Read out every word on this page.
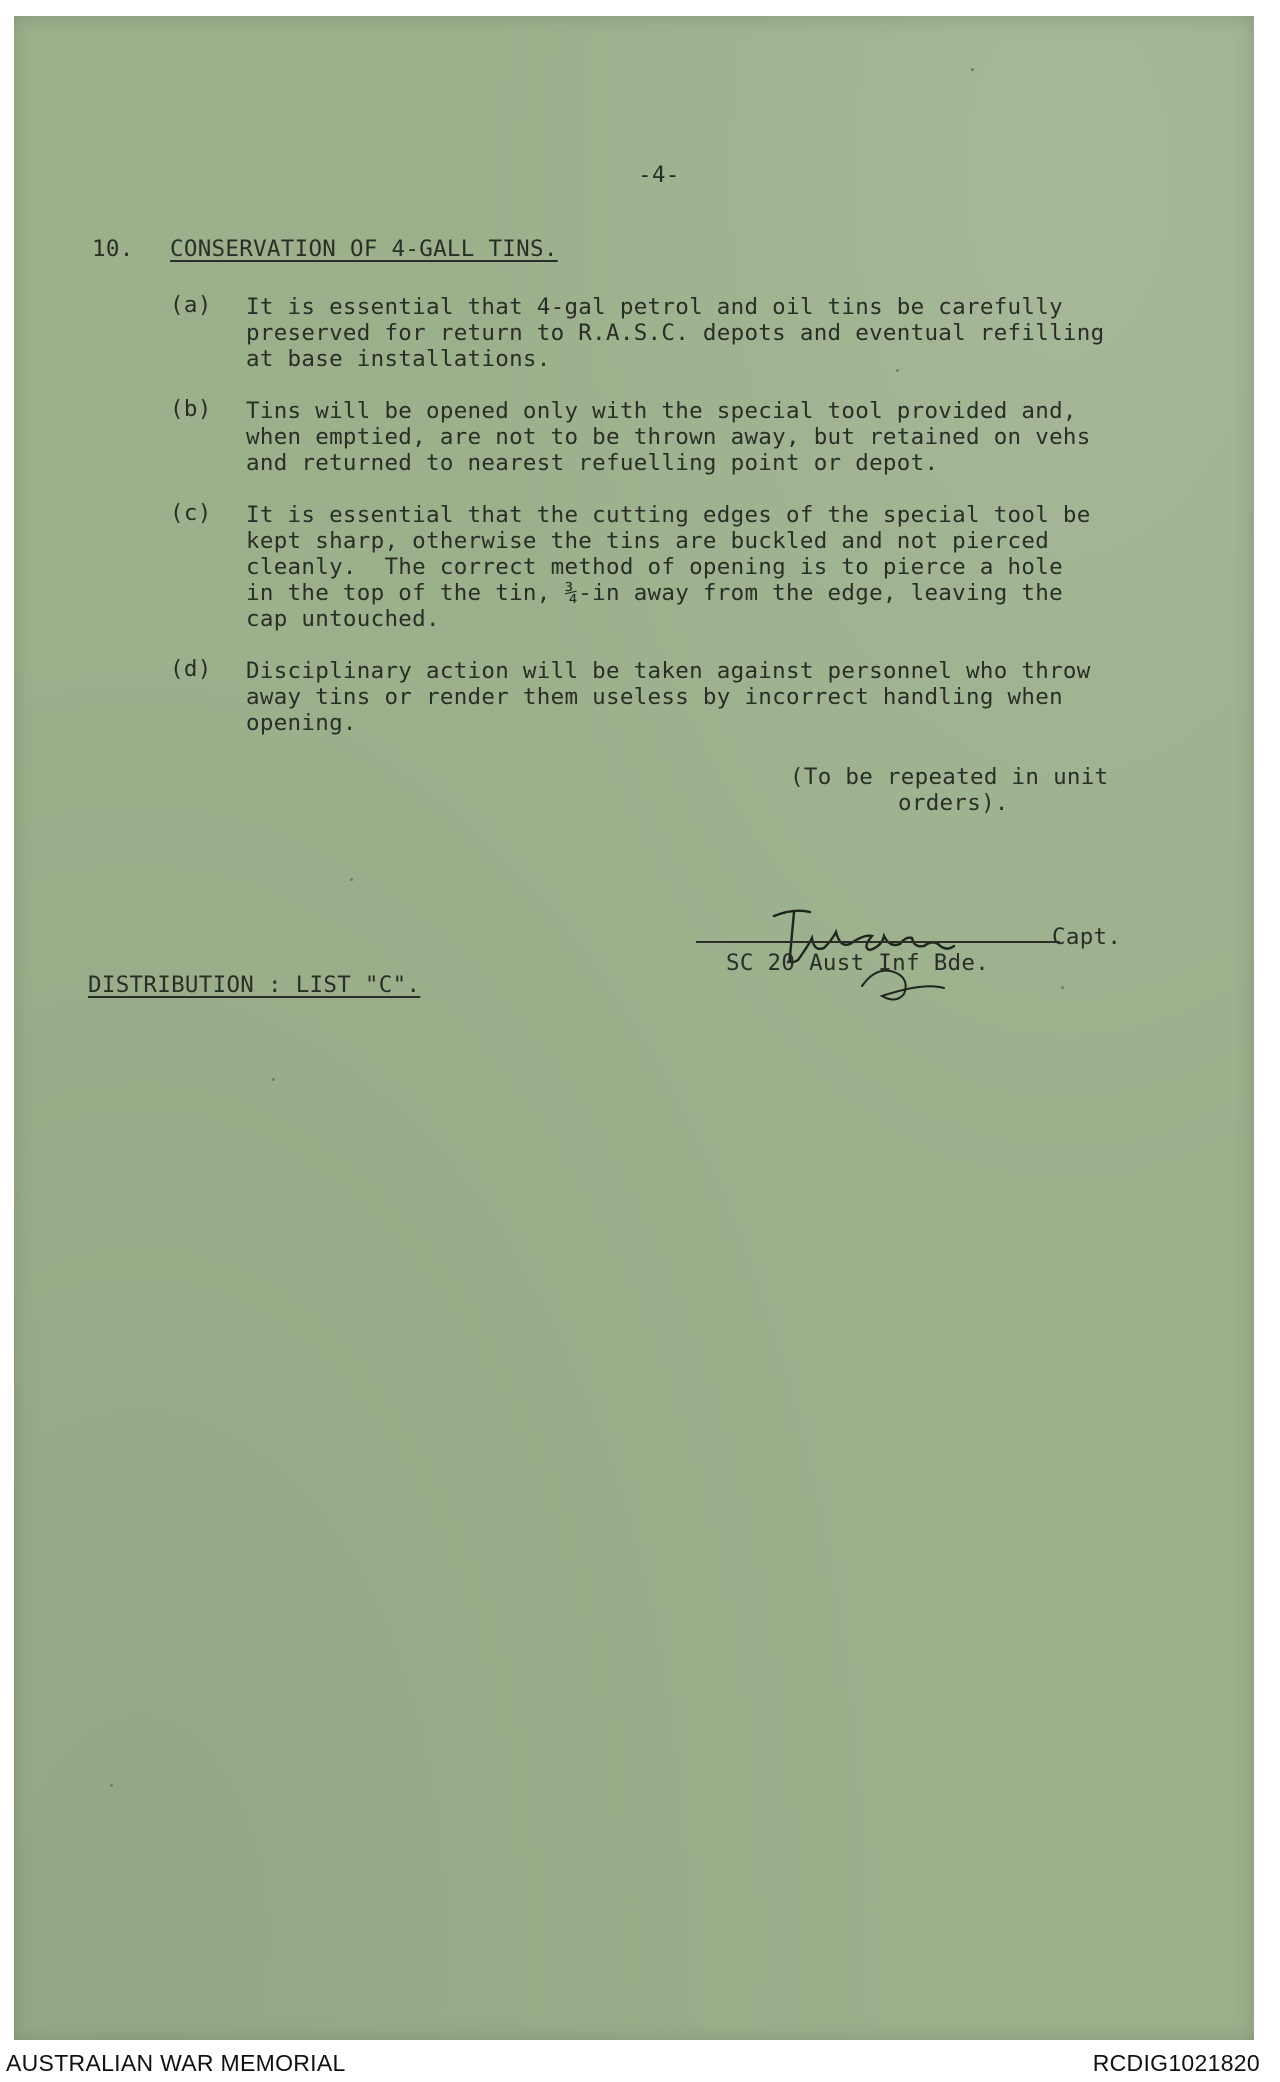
-4-
10. CONSERVATION OF 4-GALL TINS.
(a) It is essential that 4-gal petrol and oil tins be carefully
preserved for return to R.A.S.C. depots and eventual refilling
at base installations.
(b) Tins will be opened only with the special tool provided and,
when emptied, are not to be thrown away, but retained on vehs
and returned to nearest refuelling point or depot.
(c) It is essential that the cutting edges of the special tool be
kept sharp, otherwise the tins are buckled and not pierced
cleanly.  The correct method of opening is to pierce a hole
in the top of the tin, ¾-in away from the edge, leaving the
cap untouched.
(d) Disciplinary action will be taken against personnel who throw
away tins or render them useless by incorrect handling when
opening.
(To be repeated in unit
orders).
Capt.
SC 20 Aust Inf Bde.
DISTRIBUTION : LIST "C".
AUSTRALIAN WAR MEMORIAL	RCDIG1021820
